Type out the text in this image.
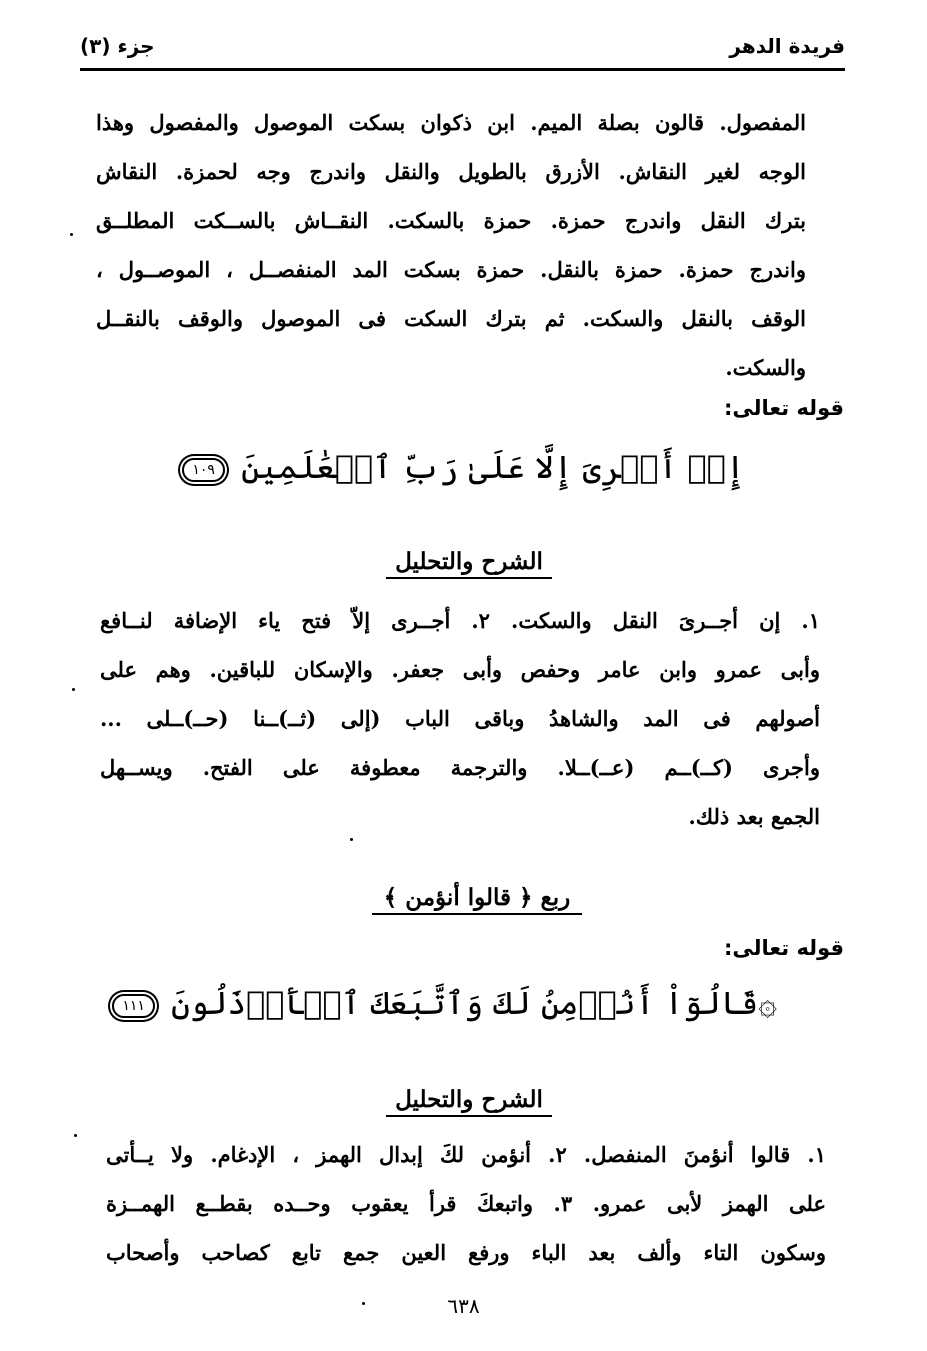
فريدة الدهر
جزء (٣)
المفصول. قالون بصلة الميم. ابن ذكوان بسكت الموصول والمفصول وهذا
الوجه لغير النقاش. الأزرق بالطويل والنقل واندرج وجه لحمزة. النقاش
بترك النقل واندرج حمزة. حمزة بالسكت. النقــاش بالســكت المطلــق
واندرج حمزة. حمزة بالنقل. حمزة بسكت المد المنفصــل ، الموصــول ،
الوقف بالنقل والسكت. ثم بترك السكت فى الموصول والوقف بالنقــل
والسكت.
قوله تعالى:
إِنۡ أَجۡرِىَ إِلَّا عَلَىٰ رَبِّ ٱلۡعَٰلَمِينَ ١٠٩
الشرح والتحليل
١. إن أجــرىَ النقل والسكت. ٢. أجــرى إلاّ فتح ياء الإضافة لنــافع
وأبى عمرو وابن عامر وحفص وأبى جعفر. والإسكان للباقين. وهم على
أصولهم فى المد والشاهدُ وباقى الباب (إلى (ثــ)ــنا (حــ)ــلى ...
وأجرى (كــ)ــم (عــ)ــلا. والترجمة معطوفة على الفتح. ويســهل
الجمع بعد ذلك.
ربع ﴿ قالوا أنؤمن ﴾
قوله تعالى:
۞قَالُوٓاْ أَنُؤۡمِنُ لَكَ وَٱتَّبَعَكَ ٱلۡأَرۡذَلُونَ ١١١
الشرح والتحليل
١. قالوا أنؤمنَ المنفصل. ٢. أنؤمن لكَ إبدال الهمز ، الإدغام. ولا يــأتى
على الهمز لأبى عمرو. ٣. واتبعكَ قرأ يعقوب وحــده بقطــع الهمــزة
وسكون التاء وألف بعد الباء ورفع العين جمع تابع كصاحب وأصحاب
٦٣٨
